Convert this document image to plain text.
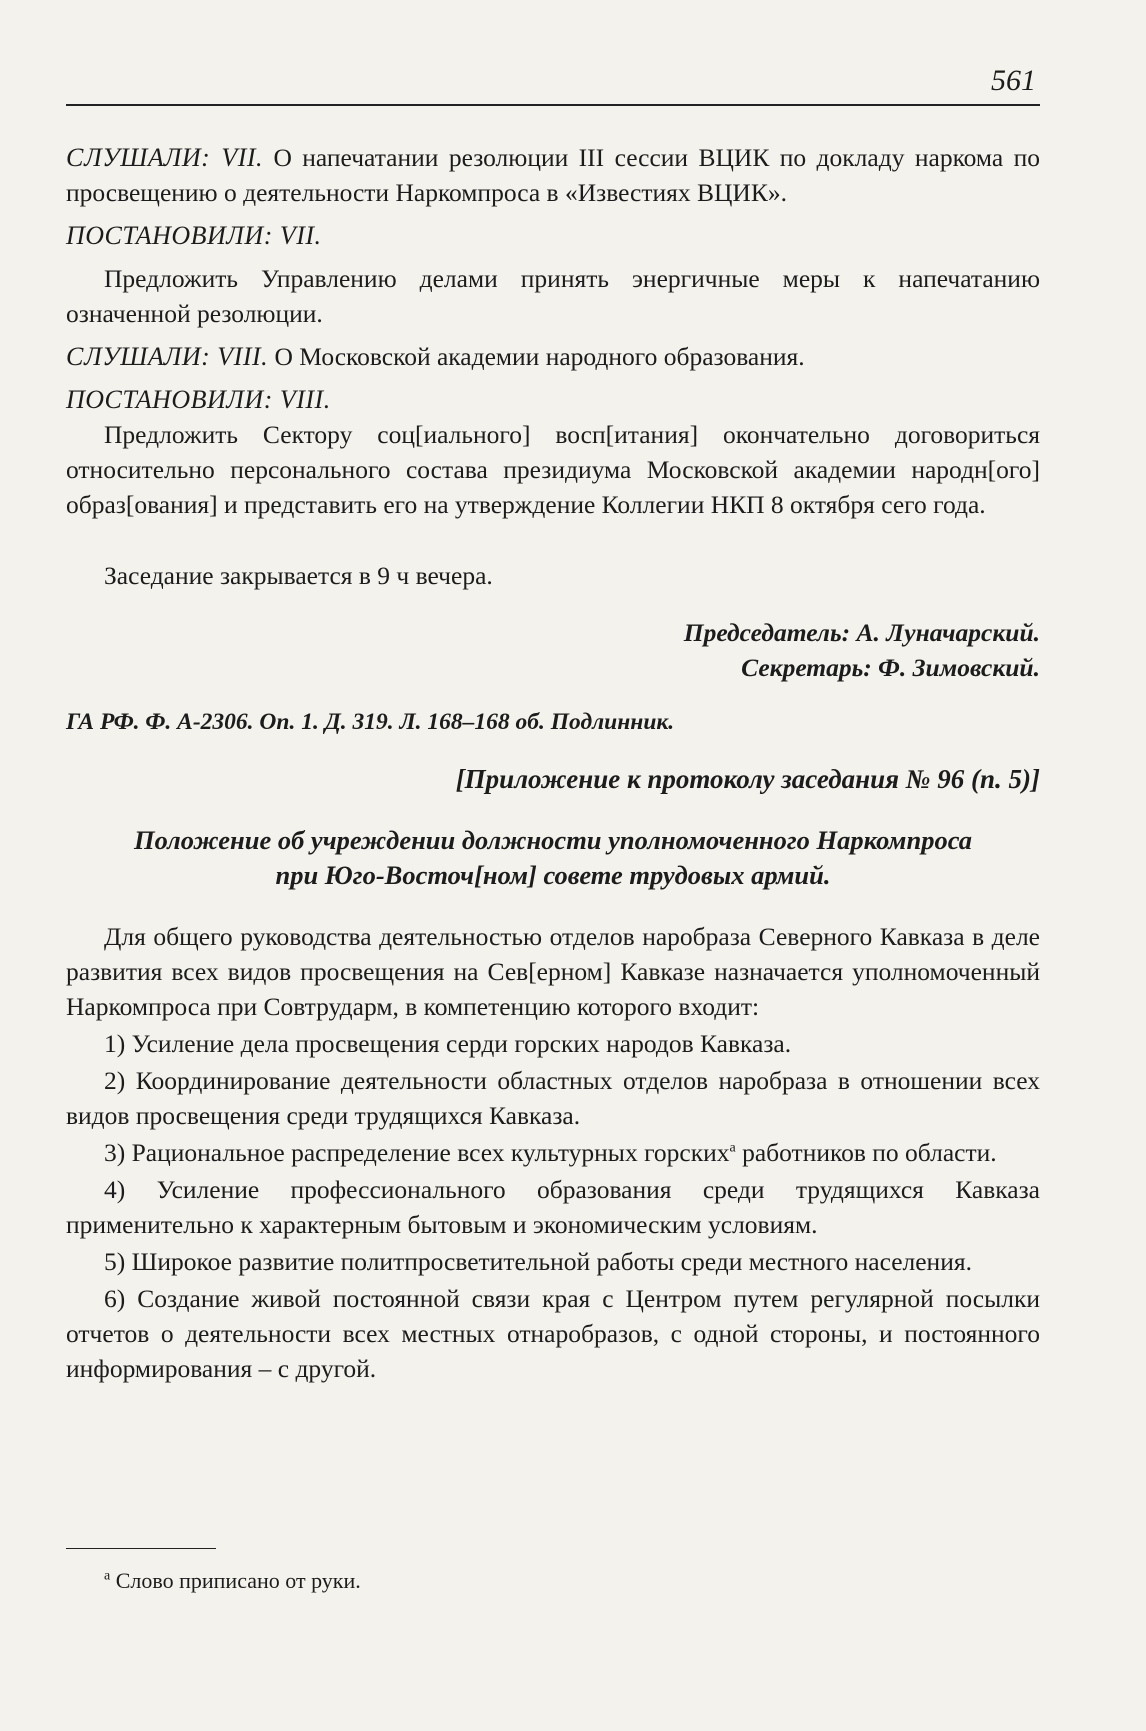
561

СЛУШАЛИ: VII. О напечатании резолюции III сессии ВЦИК по докладу наркома по просвещению о деятельности Наркомпроса в «Известиях ВЦИК».

ПОСТАНОВИЛИ: VII.

Предложить Управлению делами принять энергичные меры к напечатанию означенной резолюции.

СЛУШАЛИ: VIII. О Московской академии народного образования.

ПОСТАНОВИЛИ: VIII.

Предложить Сектору соц[иального] восп[итания] окончательно договориться относительно персонального состава президиума Московской академии народн[ого] образ[ования] и представить его на утверждение Коллегии НКП 8 октября сего года.

Заседание закрывается в 9 ч вечера.

Председатель: А. Луначарский.

Секретарь: Ф. Зимовский.

ГА РФ. Ф. А-2306. Оп. 1. Д. 319. Л. 168–168 об. Подлинник.

[Приложение к протоколу заседания № 96 (п. 5)]

Положение об учреждении должности уполномоченного Наркомпроса
при Юго-Восточ[ном] совете трудовых армий.

Для общего руководства деятельностью отделов наробраза Северного Кавказа в деле развития всех видов просвещения на Сев[ерном] Кавказе назначается уполномоченный Наркомпроса при Совтрударм, в компетенцию которого входит:

1) Усиление дела просвещения серди горских народов Кавказа.

2) Координирование деятельности областных отделов наробраза в отношении всех видов просвещения среди трудящихся Кавказа.

3) Рациональное распределение всех культурных горских$^а$ работников по области.

4) Усиление профессионального образования среди трудящихся Кавказа применительно к характерным бытовым и экономическим условиям.

5) Широкое развитие политпросветительной работы среди местного населения.

6) Создание живой постоянной связи края с Центром путем регулярной посылки отчетов о деятельности всех местных отнаробразов, с одной стороны, и постоянного информирования – с другой.

$^а$ Слово приписано от руки.
